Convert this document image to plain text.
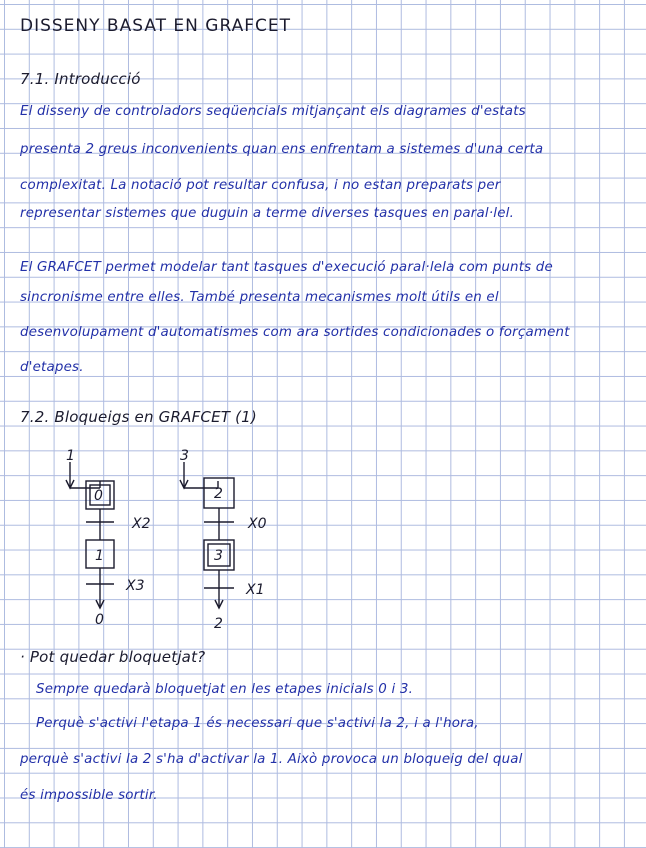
DISSENY BASAT EN GRAFCET
7.1. Introducció
El disseny de controladors seqüencials mitjançant els diagrames d'estats
presenta 2 greus inconvenients quan ens enfrentam a sistemes d'una certa
complexitat. La notació pot resultar confusa, i no estan preparats per
representar sistemes que duguin a terme diverses tasques en paral·lel.
El GRAFCET permet modelar tant tasques d'execució paral·lela com punts de
sincronisme entre elles. També presenta mecanismes molt útils en el
desenvolupament d'automatismes com ara sortides condicionades o forçament
d'etapes.
7.2. Bloqueigs en GRAFCET (1)
1
0
X2
1
X3
0
3
2
X0
3
X1
2
· Pot quedar bloquetjat?
Sempre quedarà bloquetjat en les etapes inicials 0 i 3.
Perquè s'activi l'etapa 1 és necessari que s'activi la 2, i a l'hora,
perquè s'activi la 2 s'ha d'activar la 1. Això provoca un bloqueig del qual
és impossible sortir.
